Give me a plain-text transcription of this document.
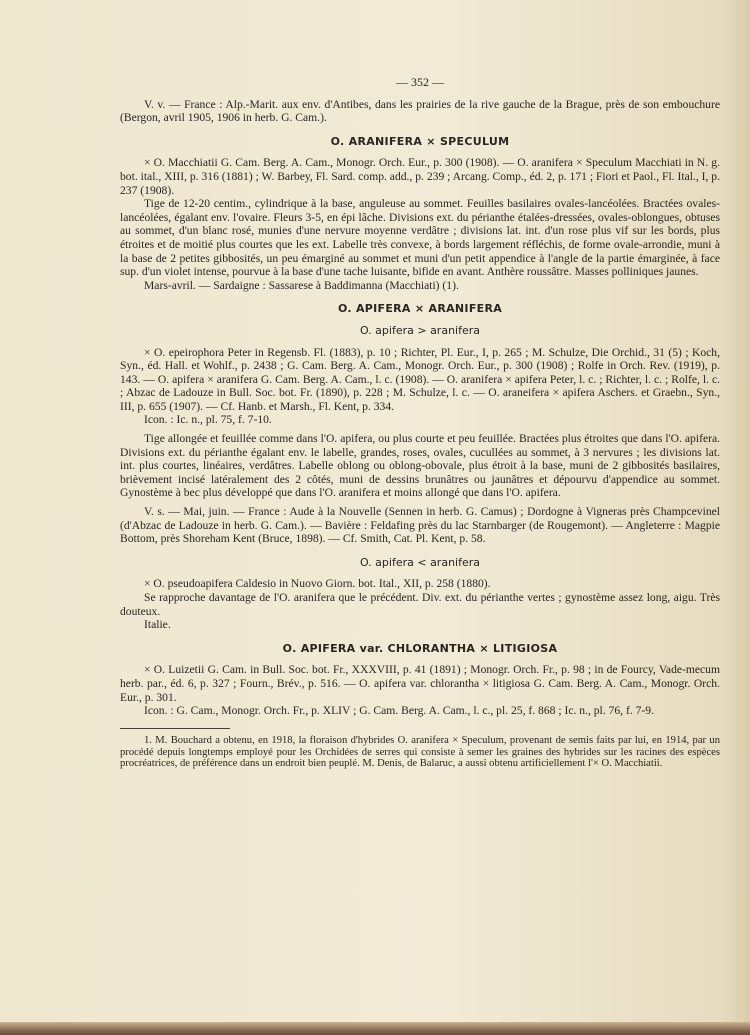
— 352 —

V. v. — France : Alp.-Marit. aux env. d'Antibes, dans les prairies de la rive gauche de la Brague, près de son embouchure (Bergon, avril 1905, 1906 in herb. G. Cam.).

O. ARANIFERA × SPECULUM

× O. Macchiatii G. Cam. Berg. A. Cam., Monogr. Orch. Eur., p. 300 (1908). — O. aranifera × Speculum Macchiati in N. g. bot. ital., XIII, p. 316 (1881) ; W. Barbey, Fl. Sard. comp. add., p. 239 ; Arcang. Comp., éd. 2, p. 171 ; Fiori et Paol., Fl. Ital., I, p. 237 (1908).

Tige de 12-20 centim., cylindrique à la base, anguleuse au sommet. Feuilles basilaires ovales-lancéolées. Bractées ovales-lancéolées, égalant env. l'ovaire. Fleurs 3-5, en épi lâche. Divisions ext. du périanthe étalées-dressées, ovales-oblongues, obtuses au sommet, d'un blanc rosé, munies d'une nervure moyenne verdâtre ; divisions lat. int. d'un rose plus vif sur les bords, plus étroites et de moitié plus courtes que les ext. Labelle très convexe, à bords largement réfléchis, de forme ovale-arrondie, muni à la base de 2 petites gibbosités, un peu émarginé au sommet et muni d'un petit appendice à l'angle de la partie émarginée, à face sup. d'un violet intense, pourvue à la base d'une tache luisante, bifide en avant. Anthère roussâtre. Masses polliniques jaunes.

Mars-avril. — Sardaigne : Sassarese à Baddimanna (Macchiati) (1).

O. APIFERA × ARANIFERA
O. apifera > aranifera

× O. epeirophora Peter in Regensb. Fl. (1883), p. 10 ; Richter, Pl. Eur., I, p. 265 ; M. Schulze, Die Orchid., 31 (5) ; Koch, Syn., éd. Hall. et Wohlf., p. 2438 ; G. Cam. Berg. A. Cam., Monogr. Orch. Eur., p. 300 (1908) ; Rolfe in Orch. Rev. (1919), p. 143. — O. apifera × aranifera G. Cam. Berg. A. Cam., l. c. (1908). — O. aranifera × apifera Peter, l. c. ; Richter, l. c. ; Rolfe, l. c. ; Abzac de Ladouze in Bull. Soc. bot. Fr. (1890), p. 228 ; M. Schulze, l. c. — O. araneifera × apifera Aschers. et Graebn., Syn., III, p. 655 (1907). — Cf. Hanb. et Marsh., Fl. Kent, p. 334.

Icon. : Ic. n., pl. 75, f. 7-10.

Tige allongée et feuillée comme dans l'O. apifera, ou plus courte et peu feuillée. Bractées plus étroites que dans l'O. apifera. Divisions ext. du périanthe égalant env. le labelle, grandes, roses, ovales, cucullées au sommet, à 3 nervures ; les divisions lat. int. plus courtes, linéaires, verdâtres. Labelle oblong ou oblong-obovale, plus étroit à la base, muni de 2 gibbosités basilaires, brièvement incisé latéralement des 2 côtés, muni de dessins brunâtres ou jaunâtres et dépourvu d'appendice au sommet. Gynostème à bec plus développé que dans l'O. aranifera et moins allongé que dans l'O. apifera.

V. s. — Mai, juin. — France : Aude à la Nouvelle (Sennen in herb. G. Camus) ; Dordogne à Vigneras près Champcevinel (d'Abzac de Ladouze in herb. G. Cam.). — Bavière : Feldafing près du lac Starnbarger (de Rougemont). — Angleterre : Magpie Bottom, près Shoreham Kent (Bruce, 1898). — Cf. Smith, Cat. Pl. Kent, p. 58.

O. apifera < aranifera

× O. pseudoapifera Caldesio in Nuovo Giorn. bot. Ital., XII, p. 258 (1880).

Se rapproche davantage de l'O. aranifera que le précédent. Div. ext. du périanthe vertes ; gynostème assez long, aigu. Très douteux.

Italie.

O. APIFERA var. CHLORANTHA × LITIGIOSA

× O. Luizetii G. Cam. in Bull. Soc. bot. Fr., XXXVIII, p. 41 (1891) ; Monogr. Orch. Fr., p. 98 ; in de Fourcy, Vade-mecum herb. par., éd. 6, p. 327 ; Fourn., Brév., p. 516. — O. apifera var. chlorantha × litigiosa G. Cam. Berg. A. Cam., Monogr. Orch. Eur., p. 301.

Icon. : G. Cam., Monogr. Orch. Fr., p. XLIV ; G. Cam. Berg. A. Cam., l. c., pl. 25, f. 868 ; Ic. n., pl. 76, f. 7-9.

1. M. Bouchard a obtenu, en 1918, la floraison d'hybrides O. aranifera × Speculum, provenant de semis faits par lui, en 1914, par un procédé depuis longtemps employé pour les Orchidées de serres qui consiste à semer les graines des hybrides sur les racines des espèces procréatrices, de préférence dans un endroit bien peuplé. M. Denis, de Balaruc, a aussi obtenu artificiellement l'× O. Macchiatii.
